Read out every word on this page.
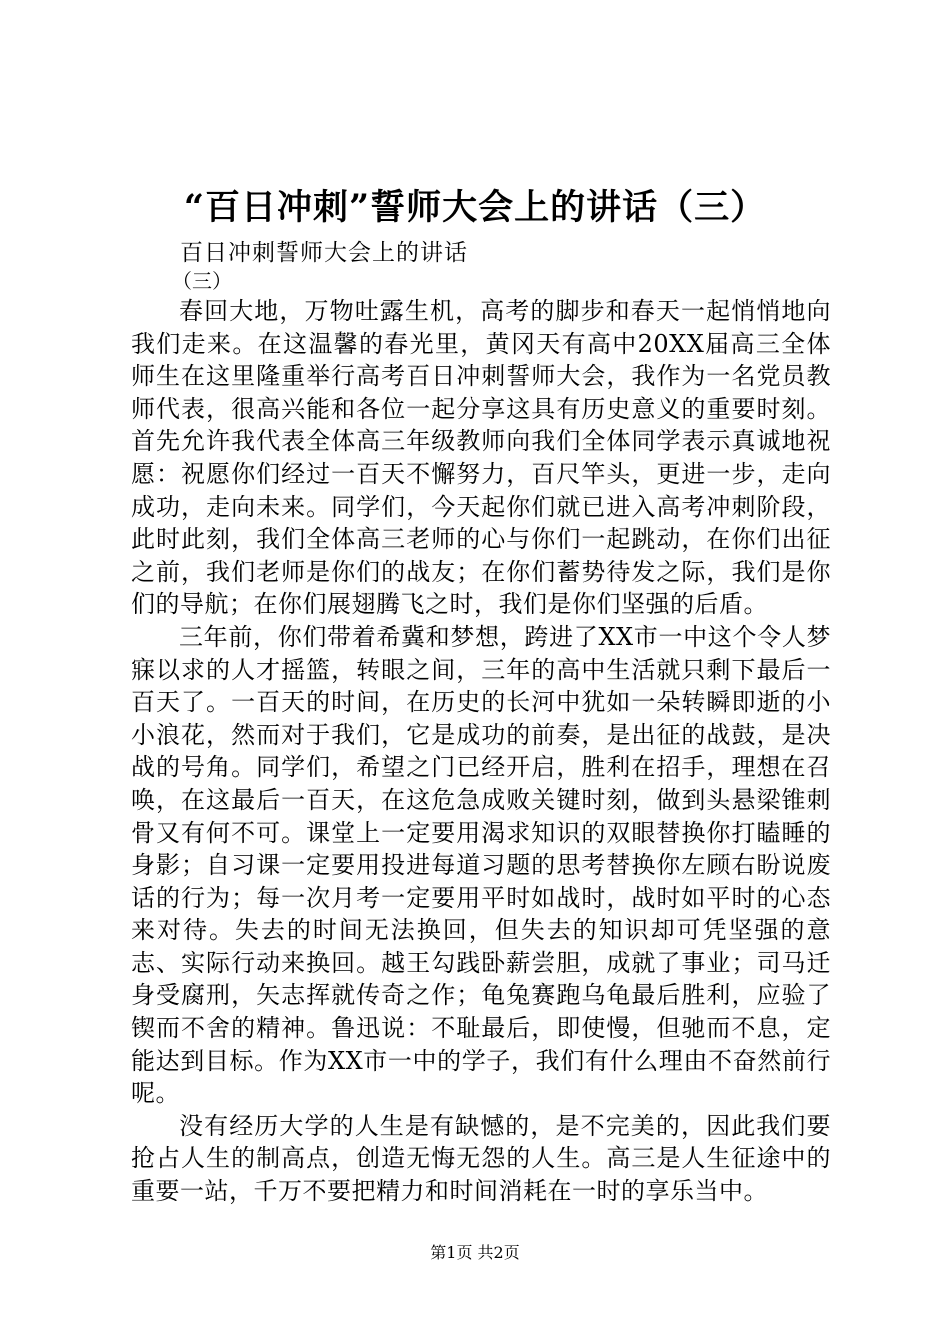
“百日冲刺”誓师大会上的讲话（三）
百日冲刺誓师大会上的讲话
（三）

春回大地，万物吐露生机，高考的脚步和春天一起悄悄地向我们走来。在这温馨的春光里，黄冈天有高中20XX届高三全体师生在这里隆重举行高考百日冲刺誓师大会，我作为一名党员教师代表，很高兴能和各位一起分享这具有历史意义的重要时刻。首先允许我代表全体高三年级教师向我们全体同学表示真诚地祝愿：祝愿你们经过一百天不懈努力，百尺竿头，更进一步，走向成功，走向未来。同学们，今天起你们就已进入高考冲刺阶段，此时此刻，我们全体高三老师的心与你们一起跳动，在你们出征之前，我们老师是你们的战友；在你们蓄势待发之际，我们是你们的导航；在你们展翅腾飞之时，我们是你们坚强的后盾。

三年前，你们带着希冀和梦想，跨进了XX市一中这个令人梦寐以求的人才摇篮，转眼之间，三年的高中生活就只剩下最后一百天了。一百天的时间，在历史的长河中犹如一朵转瞬即逝的小小浪花，然而对于我们，它是成功的前奏，是出征的战鼓，是决战的号角。同学们，希望之门已经开启，胜利在招手，理想在召唤，在这最后一百天，在这危急成败关键时刻，做到头悬梁锥刺骨又有何不可。课堂上一定要用渴求知识的双眼替换你打瞌睡的身影；自习课一定要用投进每道习题的思考替换你左顾右盼说废话的行为；每一次月考一定要用平时如战时，战时如平时的心态来对待。失去的时间无法换回，但失去的知识却可凭坚强的意志、实际行动来换回。越王勾践卧薪尝胆，成就了事业；司马迁身受腐刑，矢志挥就传奇之作；龟兔赛跑乌龟最后胜利，应验了锲而不舍的精神。鲁迅说：不耻最后，即使慢，但驰而不息，定能达到目标。作为XX市一中的学子，我们有什么理由不奋然前行呢。

没有经历大学的人生是有缺憾的，是不完美的，因此我们要抢占人生的制高点，创造无悔无怨的人生。高三是人生征途中的重要一站，千万不要把精力和时间消耗在一时的享乐当中。

第1页 共2页
